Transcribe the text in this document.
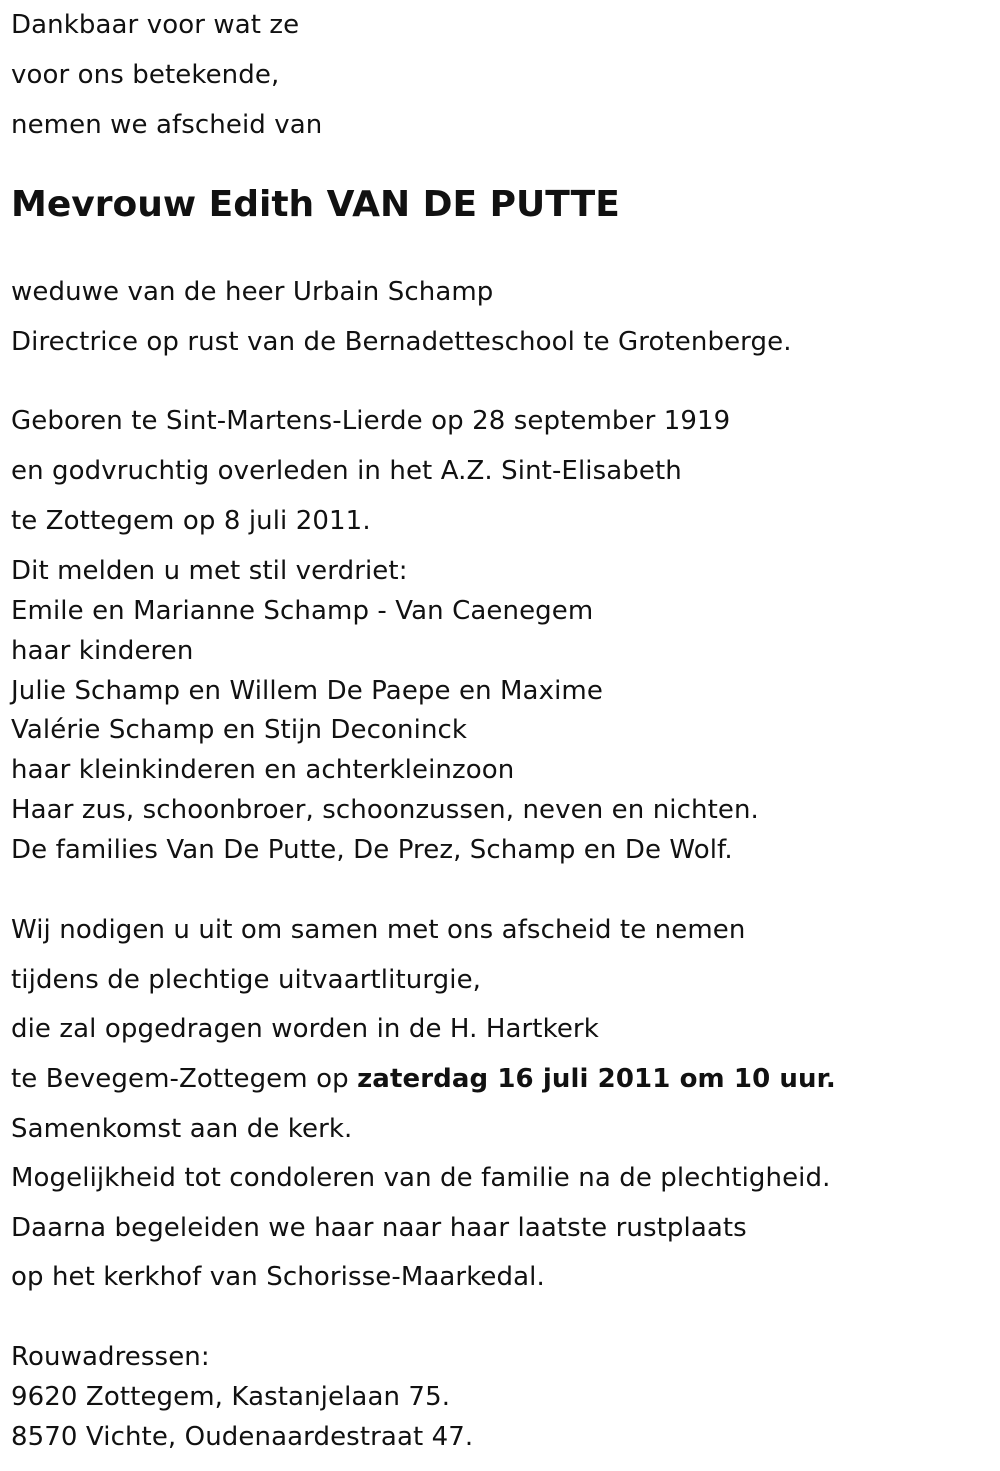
Dankbaar voor wat ze
voor ons betekende,
nemen we afscheid van
Mevrouw Edith VAN DE PUTTE
weduwe van de heer Urbain Schamp
Directrice op rust van de Bernadetteschool te Grotenberge.
Geboren te Sint-Martens-Lierde op 28 september 1919
en godvruchtig overleden in het A.Z. Sint-Elisabeth
te Zottegem op 8 juli 2011.
Dit melden u met stil verdriet:
Emile en Marianne Schamp - Van Caenegem
haar kinderen
Julie Schamp en Willem De Paepe en Maxime
Valérie Schamp en Stijn Deconinck
haar kleinkinderen en achterkleinzoon
Haar zus, schoonbroer, schoonzussen, neven en nichten.
De families Van De Putte, De Prez, Schamp en De Wolf.
Wij nodigen u uit om samen met ons afscheid te nemen
tijdens de plechtige uitvaartliturgie,
die zal opgedragen worden in de H. Hartkerk
te Bevegem-Zottegem op zaterdag 16 juli 2011 om 10 uur.
Samenkomst aan de kerk.
Mogelijkheid tot condoleren van de familie na de plechtigheid.
Daarna begeleiden we haar naar haar laatste rustplaats
op het kerkhof van Schorisse-Maarkedal.
Rouwadressen:
9620 Zottegem, Kastanjelaan 75.
8570 Vichte, Oudenaardestraat 47.
